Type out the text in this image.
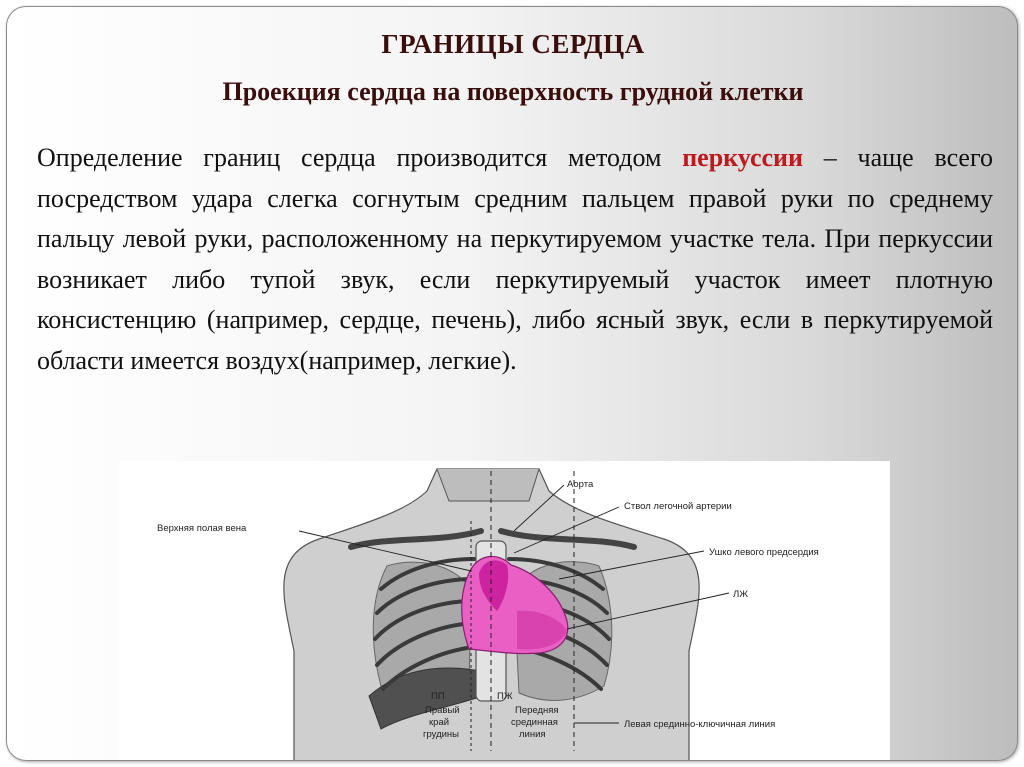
ГРАНИЦЫ СЕРДЦА
Проекция сердца на поверхность грудной клетки

Определение границ сердца производится методом перкуссии – чаще всего посредством удара слегка согнутым средним пальцем правой руки по среднему пальцу левой руки, расположенному на перкутируемом участке тела. При перкуссии возникает либо тупой звук, если перкутируемый участок имеет плотную консистенцию (например, сердце, печень), либо ясный звук, если в перкутируемой области имеется воздух(например, легкие).

Аорта
Ствол легочной артерии
Верхняя полая вена
Ушко левого предсердия
ЛЖ
ПП	ПЖ
Правый
край
грудины
Передняя
срединная
линия
Левая срединно-ключичная линия
